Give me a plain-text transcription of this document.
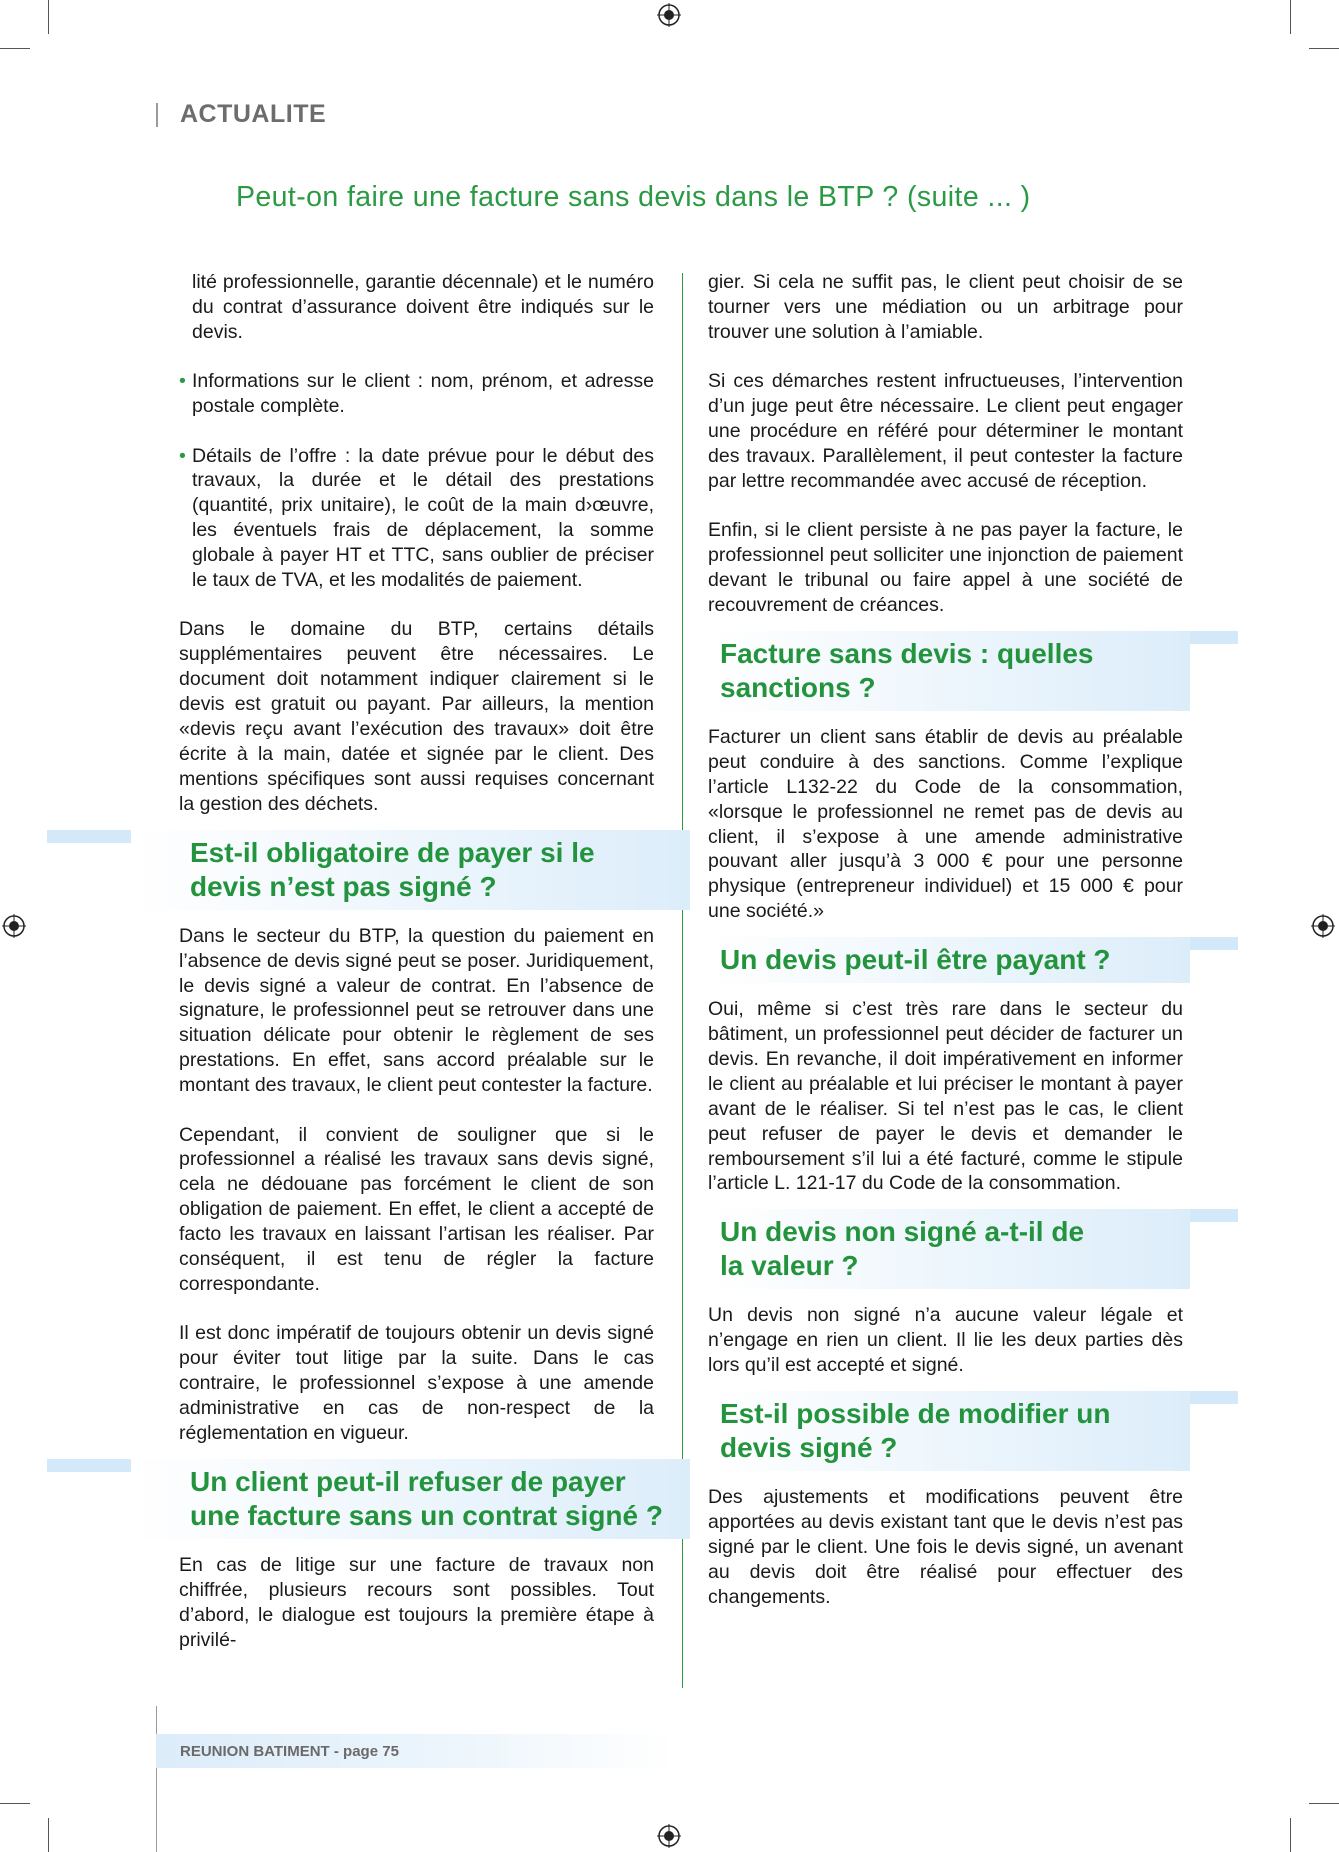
ACTUALITE
Peut-on faire une facture sans devis dans le BTP ? (suite ... )

lité professionnelle, garantie décennale) et le numéro du contrat d’assurance doivent être indiqués sur le devis.

• Informations sur le client : nom, prénom, et adresse postale complète.

• Détails de l’offre : la date prévue pour le début des travaux, la durée et le détail des prestations (quantité, prix unitaire), le coût de la main d›œuvre, les éventuels frais de déplacement, la somme globale à payer HT et TTC, sans oublier de préciser le taux de TVA, et les modalités de paiement.

Dans le domaine du BTP, certains détails supplémentaires peuvent être nécessaires. Le document doit notamment indiquer clairement si le devis est gratuit ou payant. Par ailleurs, la mention «devis reçu avant l’exécution des travaux» doit être écrite à la main, datée et signée par le client. Des mentions spécifiques sont aussi requises concernant la gestion des déchets.

Est-il obligatoire de payer si le
devis n’est pas signé ?

Dans le secteur du BTP, la question du paiement en l’absence de devis signé peut se poser. Juridiquement, le devis signé a valeur de contrat. En l’absence de signature, le professionnel peut se retrouver dans une situation délicate pour obtenir le règlement de ses prestations. En effet, sans accord préalable sur le montant des travaux, le client peut contester la facture.

Cependant, il convient de souligner que si le professionnel a réalisé les travaux sans devis signé, cela ne dédouane pas forcément le client de son obligation de paiement. En effet, le client a accepté de facto les travaux en laissant l’artisan les réaliser. Par conséquent, il est tenu de régler la facture correspondante.

Il est donc impératif de toujours obtenir un devis signé pour éviter tout litige par la suite. Dans le cas contraire, le professionnel s’expose à une amende administrative en cas de non-respect de la réglementation en vigueur.

Un client peut-il refuser de payer
une facture sans un contrat signé ?

En cas de litige sur une facture de travaux non chiffrée, plusieurs recours sont possibles. Tout d’abord, le dialogue est toujours la première étape à privilé-

gier. Si cela ne suffit pas, le client peut choisir de se tourner vers une médiation ou un arbitrage pour trouver une solution à l’amiable.

Si ces démarches restent infructueuses, l’intervention d’un juge peut être nécessaire. Le client peut engager une procédure en référé pour déterminer le montant des travaux. Parallèlement, il peut contester la facture par lettre recommandée avec accusé de réception.

Enfin, si le client persiste à ne pas payer la facture, le professionnel peut solliciter une injonction de paiement devant le tribunal ou faire appel à une société de recouvrement de créances.

Facture sans devis : quelles
sanctions ?

Facturer un client sans établir de devis au préalable peut conduire à des sanctions. Comme l’explique l’article L132-22 du Code de la consommation, «lorsque le professionnel ne remet pas de devis au client, il s’expose à une amende administrative pouvant aller jusqu’à 3 000 € pour une personne physique (entrepreneur individuel) et 15 000 € pour une société.»

Un devis peut-il être payant ?

Oui, même si c’est très rare dans le secteur du bâtiment, un professionnel peut décider de facturer un devis. En revanche, il doit impérativement en informer le client au préalable et lui préciser le montant à payer avant de le réaliser. Si tel n’est pas le cas, le client peut refuser de payer le devis et demander le remboursement s’il lui a été facturé, comme le stipule l’article L. 121-17 du Code de la consommation.

Un devis non signé a-t-il de
la valeur ?

Un devis non signé n’a aucune valeur légale et n’engage en rien un client. Il lie les deux parties dès lors qu’il est accepté et signé.

Est-il possible de modifier un
devis signé ?

Des ajustements et modifications peuvent être apportées au devis existant tant que le devis n’est pas signé par le client. Une fois le devis signé, un avenant au devis doit être réalisé pour effectuer des changements.

REUNION BATIMENT - page 75
